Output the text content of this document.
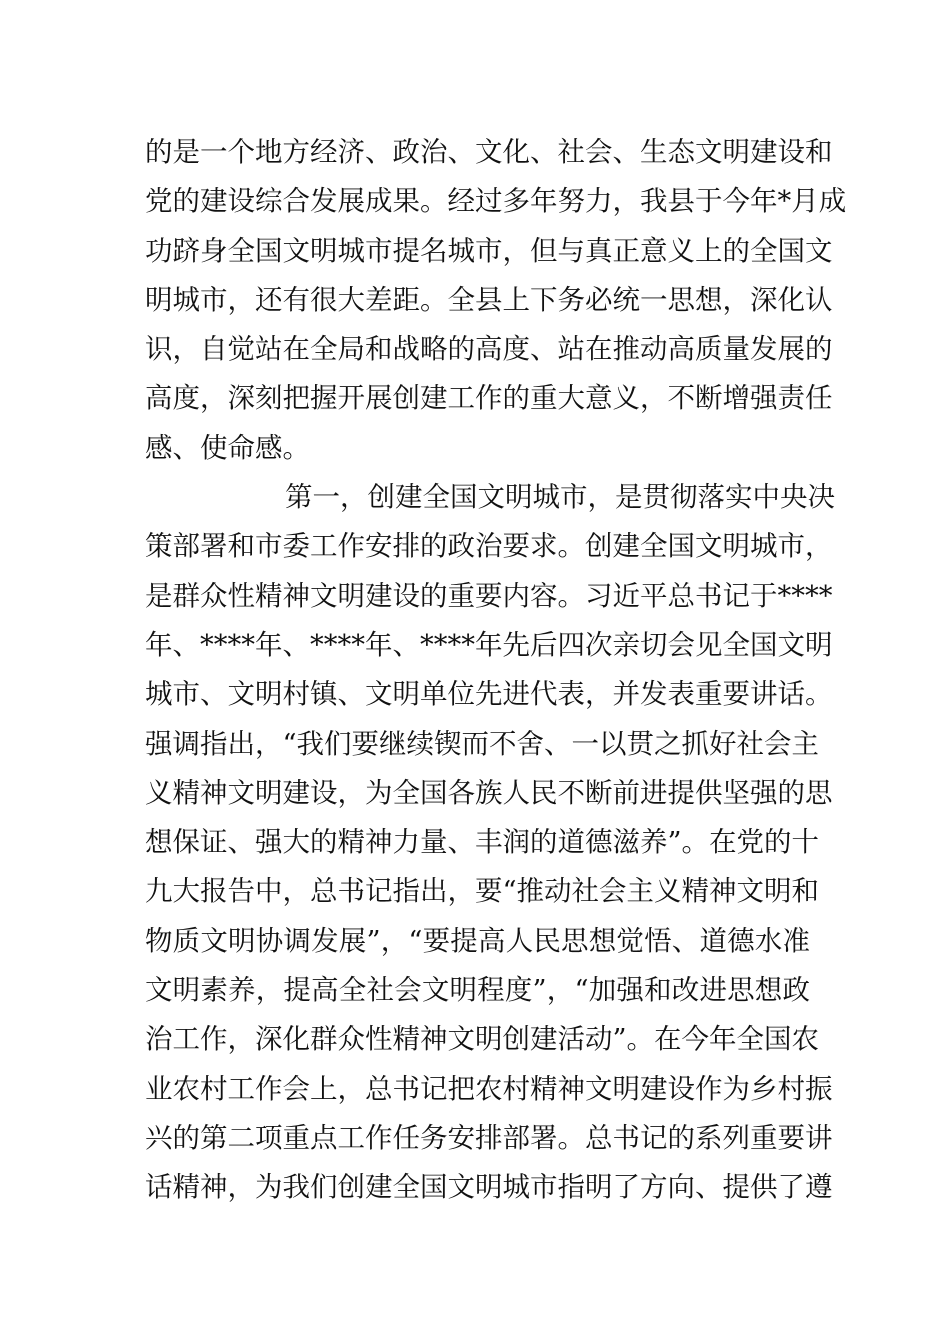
的是一个地方经济、政治、文化、社会、生态文明建设和
党的建设综合发展成果。经过多年努力，我县于今年*月成
功跻身全国文明城市提名城市，但与真正意义上的全国文
明城市，还有很大差距。全县上下务必统一思想，深化认
识，自觉站在全局和战略的高度、站在推动高质量发展的
高度，深刻把握开展创建工作的重大意义，不断增强责任
感、使命感。
第一，创建全国文明城市，是贯彻落实中央决
策部署和市委工作安排的政治要求。创建全国文明城市，
是群众性精神文明建设的重要内容。习近平总书记于****
年、****年、****年、****年先后四次亲切会见全国文明
城市、文明村镇、文明单位先进代表，并发表重要讲话。
强调指出，“我们要继续锲而不舍、一以贯之抓好社会主
义精神文明建设，为全国各族人民不断前进提供坚强的思
想保证、强大的精神力量、丰润的道德滋养”。在党的十
九大报告中，总书记指出，要“推动社会主义精神文明和
物质文明协调发展”，“要提高人民思想觉悟、道德水准
文明素养，提高全社会文明程度”，“加强和改进思想政
治工作，深化群众性精神文明创建活动”。在今年全国农
业农村工作会上，总书记把农村精神文明建设作为乡村振
兴的第二项重点工作任务安排部署。总书记的系列重要讲
话精神，为我们创建全国文明城市指明了方向、提供了遵
